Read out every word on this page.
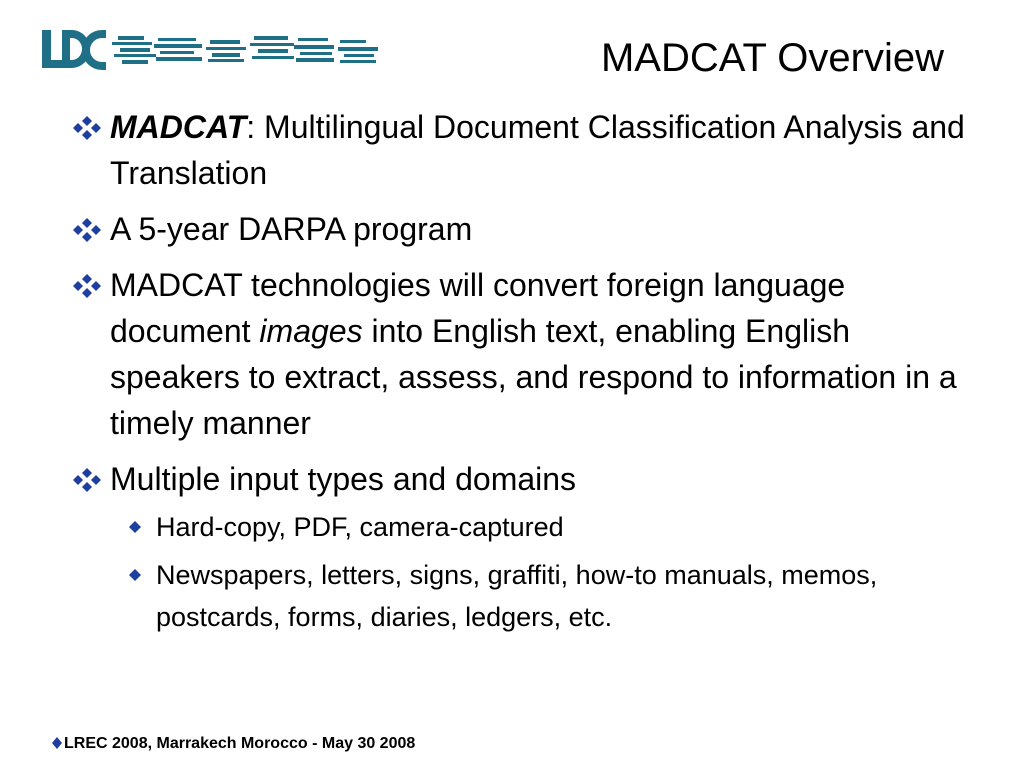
MADCAT Overview
MADCAT: Multilingual Document Classification Analysis and Translation
A 5-year DARPA program
MADCAT technologies will convert foreign language document images into English text, enabling English speakers to extract, assess, and respond to information in a timely manner
Multiple input types and domains
Hard-copy, PDF, camera-captured
Newspapers, letters, signs, graffiti, how-to manuals, memos, postcards, forms, diaries, ledgers, etc.
LREC 2008, Marrakech Morocco - May 30 2008
